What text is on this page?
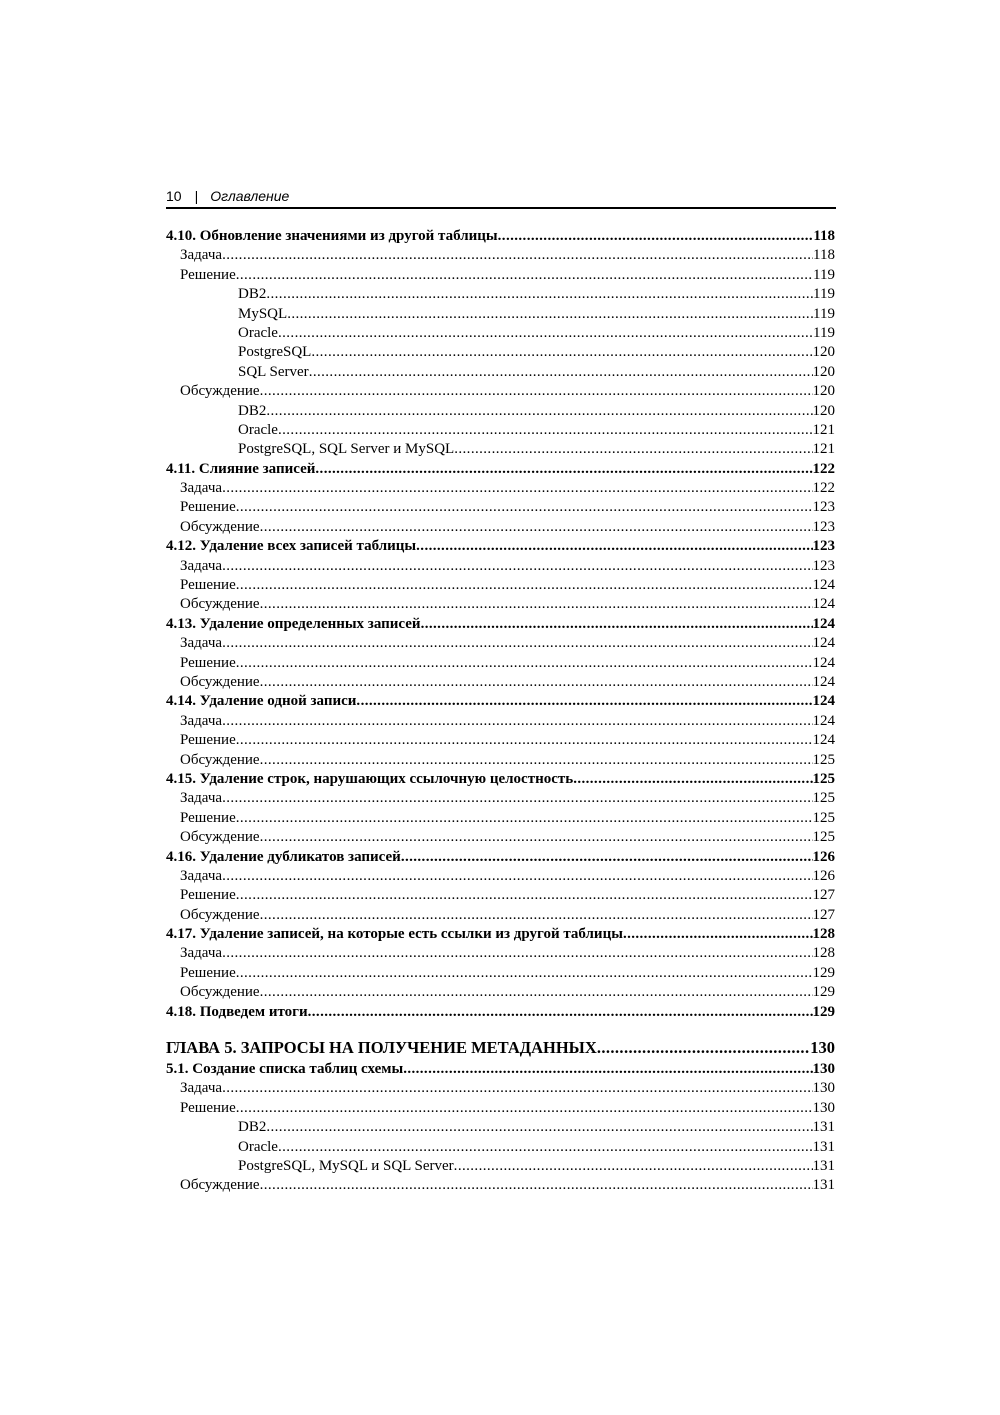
10 | Оглавление
4.10. Обновление значениями из другой таблицы .....	118
Задача .....	118
Решение .....	119
DB2 .....	119
MySQL .....	119
Oracle .....	119
PostgreSQL .....	120
SQL Server .....	120
Обсуждение .....	120
DB2 .....	120
Oracle .....	121
PostgreSQL, SQL Server и MySQL .....	121
4.11. Слияние записей .....	122
Задача .....	122
Решение .....	123
Обсуждение .....	123
4.12. Удаление всех записей таблицы .....	123
Задача .....	123
Решение .....	124
Обсуждение .....	124
4.13. Удаление определенных записей .....	124
Задача .....	124
Решение .....	124
Обсуждение .....	124
4.14. Удаление одной записи .....	124
Задача .....	124
Решение .....	124
Обсуждение .....	125
4.15. Удаление строк, нарушающих ссылочную целостность .....	125
Задача .....	125
Решение .....	125
Обсуждение .....	125
4.16. Удаление дубликатов записей .....	126
Задача .....	126
Решение .....	127
Обсуждение .....	127
4.17. Удаление записей, на которые есть ссылки из другой таблицы .....	128
Задача .....	128
Решение .....	129
Обсуждение .....	129
4.18. Подведем итоги .....	129
ГЛАВА 5. ЗАПРОСЫ НА ПОЛУЧЕНИЕ МЕТАДАННЫХ .....	130
5.1. Создание списка таблиц схемы .....	130
Задача .....	130
Решение .....	130
DB2 .....	131
Oracle .....	131
PostgreSQL, MySQL и SQL Server .....	131
Обсуждение .....	131
